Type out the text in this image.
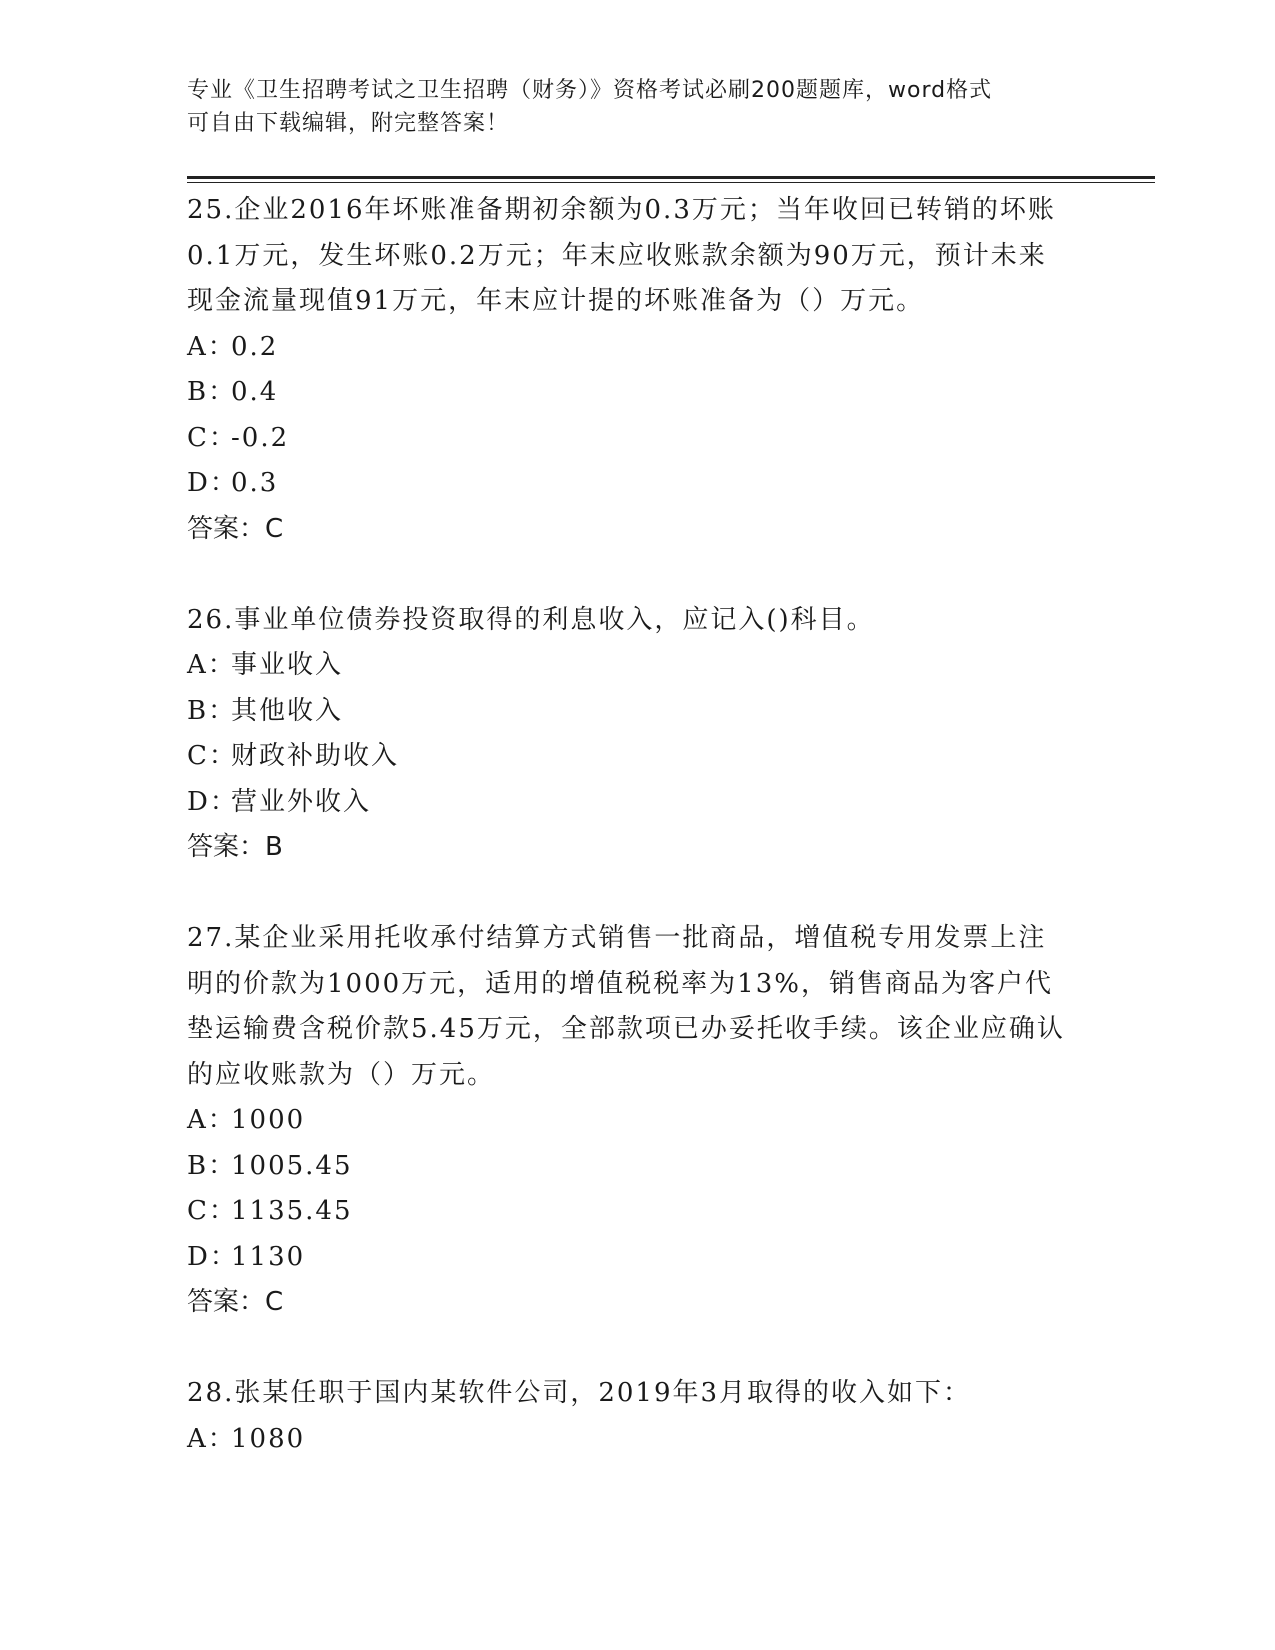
专业《卫生招聘考试之卫生招聘（财务）》资格考试必刷200题题库，word格式
可自由下载编辑，附完整答案！

25.企业2016年坏账准备期初余额为0.3万元；当年收回已转销的坏账0.1万元，发生坏账0.2万元；年末应收账款余额为90万元，预计未来现金流量现值91万元，年末应计提的坏账准备为（）万元。

A：0.2

B：0.4

C：-0.2

D：0.3

答案：C

26.事业单位债券投资取得的利息收入，应记入()科目。

A：事业收入

B：其他收入

C：财政补助收入

D：营业外收入

答案：B

27.某企业采用托收承付结算方式销售一批商品，增值税专用发票上注明的价款为1000万元，适用的增值税税率为13%，销售商品为客户代垫运输费含税价款5.45万元，全部款项已办妥托收手续。该企业应确认的应收账款为（）万元。

A：1000

B：1005.45

C：1135.45

D：1130

答案：C

28.张某任职于国内某软件公司，2019年3月取得的收入如下：

A：1080
